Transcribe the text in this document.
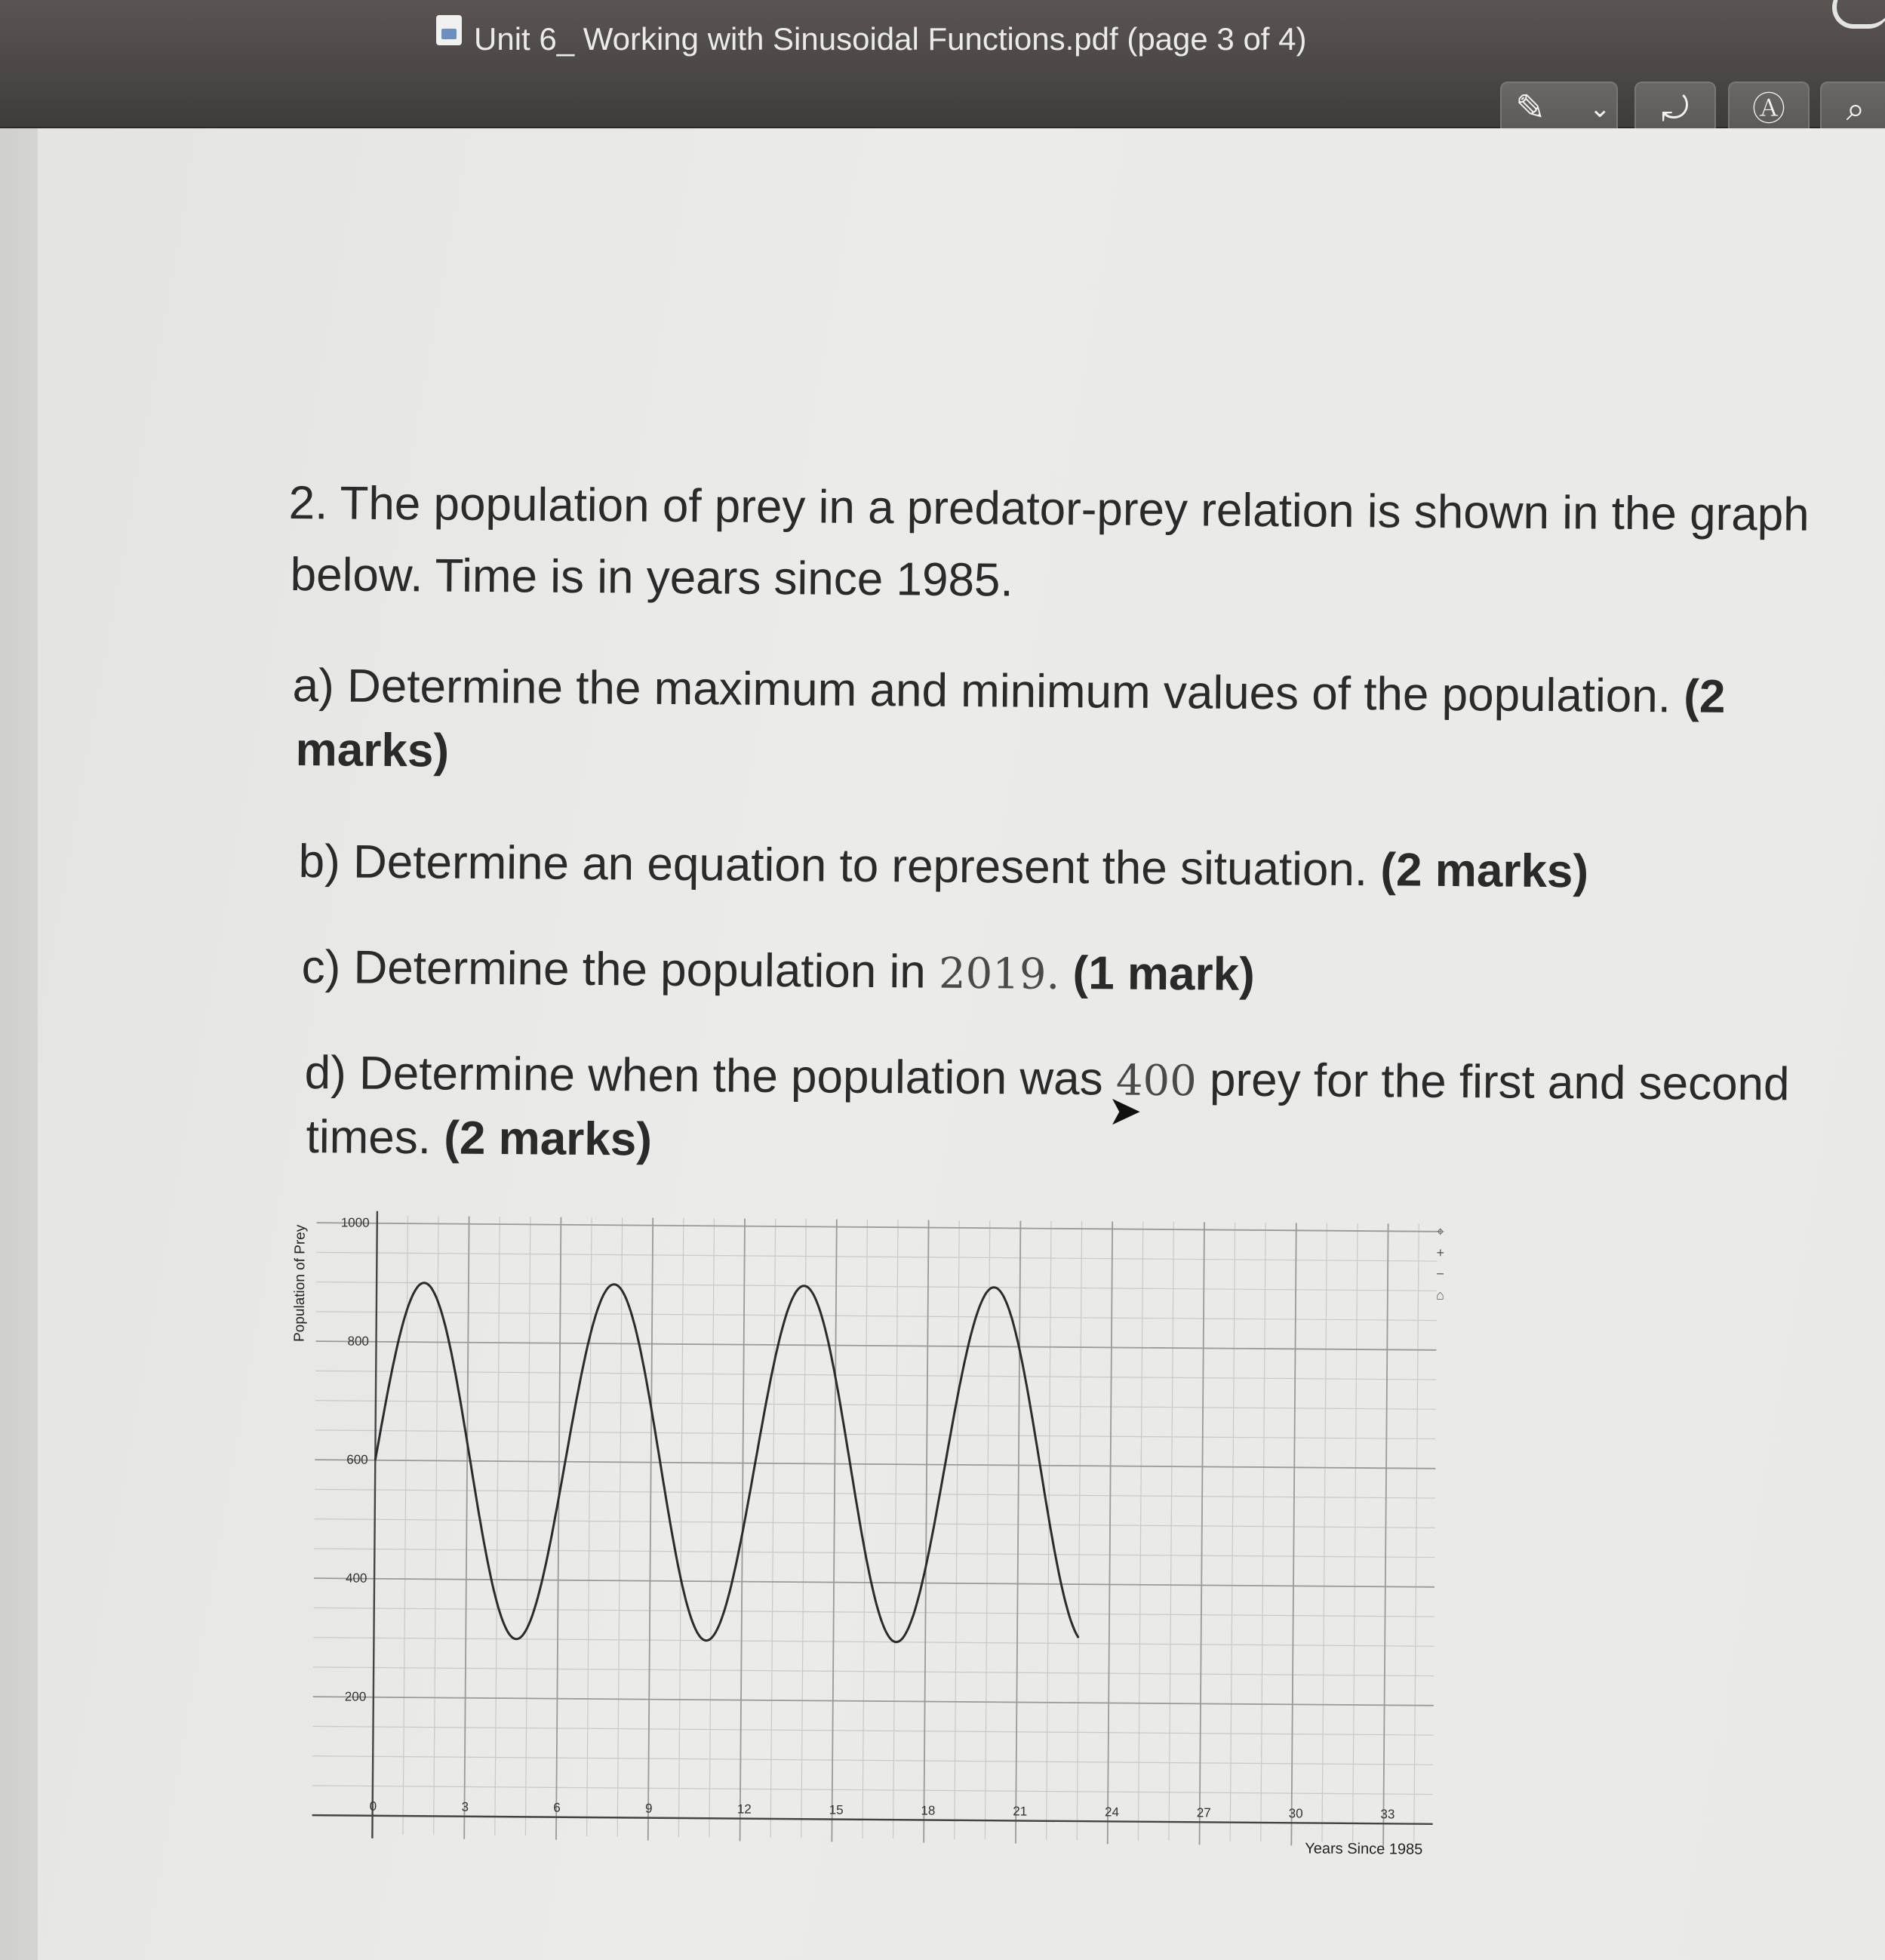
Unit 6_ Working with Sinusoidal Functions.pdf (page 3 of 4)
✎ ⌄	⤾	Ⓐ	⌕
2. The population of prey in a predator-prey relation is shown in the graph
below. Time is in years since 1985.
a) Determine the maximum and minimum values of the population. (2
marks)
b) Determine an equation to represent the situation. (2 marks)
c) Determine the population in 2019. (1 mark)
d) Determine when the population was 400 prey for the first and second
times. (2 marks)
➤
Population of Prey
Years Since 1985
0	3	6	9	12	15	18	21	24	27	30	33
200
400
600
800
1000
⌖
+
−
⌂
